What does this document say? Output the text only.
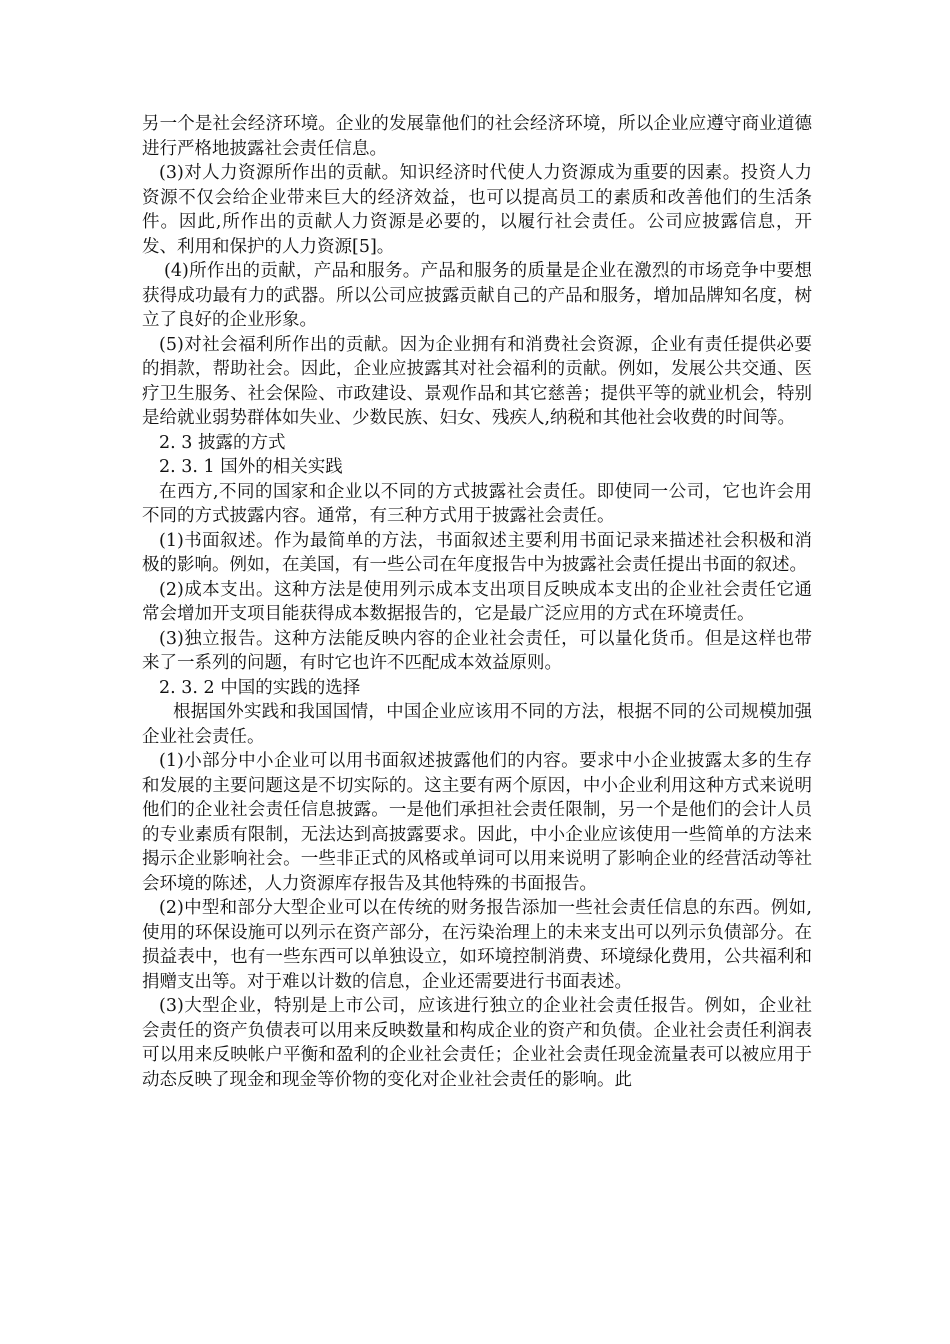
另一个是社会经济环境。企业的发展靠他们的社会经济环境，所以企业应遵守商业道德进行严格地披露社会责任信息。

(3)对人力资源所作出的贡献。知识经济时代使人力资源成为重要的因素。投资人力资源不仅会给企业带来巨大的经济效益，也可以提高员工的素质和改善他们的生活条件。因此,所作出的贡献人力资源是必要的，以履行社会责任。公司应披露信息，开发、利用和保护的人力资源[5]。

(4)所作出的贡献，产品和服务。产品和服务的质量是企业在激烈的市场竞争中要想获得成功最有力的武器。所以公司应披露贡献自己的产品和服务，增加品牌知名度，树立了良好的企业形象。

(5)对社会福利所作出的贡献。因为企业拥有和消费社会资源，企业有责任提供必要的捐款，帮助社会。因此，企业应披露其对社会福利的贡献。例如，发展公共交通、医疗卫生服务、社会保险、市政建设、景观作品和其它慈善；提供平等的就业机会，特别是给就业弱势群体如失业、少数民族、妇女、残疾人,纳税和其他社会收费的时间等。

2. 3 披露的方式

2. 3. 1 国外的相关实践

在西方,不同的国家和企业以不同的方式披露社会责任。即使同一公司，它也许会用不同的方式披露内容。通常，有三种方式用于披露社会责任。

(1)书面叙述。作为最简单的方法，书面叙述主要利用书面记录来描述社会积极和消极的影响。例如，在美国，有一些公司在年度报告中为披露社会责任提出书面的叙述。

(2)成本支出。这种方法是使用列示成本支出项目反映成本支出的企业社会责任它通常会增加开支项目能获得成本数据报告的，它是最广泛应用的方式在环境责任。

(3)独立报告。这种方法能反映内容的企业社会责任，可以量化货币。但是这样也带来了一系列的问题，有时它也许不匹配成本效益原则。

2. 3. 2 中国的实践的选择

根据国外实践和我国国情，中国企业应该用不同的方法，根据不同的公司规模加强企业社会责任。

(1)小部分中小企业可以用书面叙述披露他们的内容。要求中小企业披露太多的生存和发展的主要问题这是不切实际的。这主要有两个原因，中小企业利用这种方式来说明他们的企业社会责任信息披露。一是他们承担社会责任限制，另一个是他们的会计人员的专业素质有限制，无法达到高披露要求。因此，中小企业应该使用一些简单的方法来揭示企业影响社会。一些非正式的风格或单词可以用来说明了影响企业的经营活动等社会环境的陈述，人力资源库存报告及其他特殊的书面报告。

(2)中型和部分大型企业可以在传统的财务报告添加一些社会责任信息的东西。例如,使用的环保设施可以列示在资产部分，在污染治理上的未来支出可以列示负债部分。在损益表中，也有一些东西可以单独设立，如环境控制消费、环境绿化费用，公共福利和捐赠支出等。对于难以计数的信息，企业还需要进行书面表述。

(3)大型企业，特别是上市公司，应该进行独立的企业社会责任报告。例如，企业社会责任的资产负债表可以用来反映数量和构成企业的资产和负债。企业社会责任利润表可以用来反映帐户平衡和盈利的企业社会责任；企业社会责任现金流量表可以被应用于动态反映了现金和现金等价物的变化对企业社会责任的影响。此
